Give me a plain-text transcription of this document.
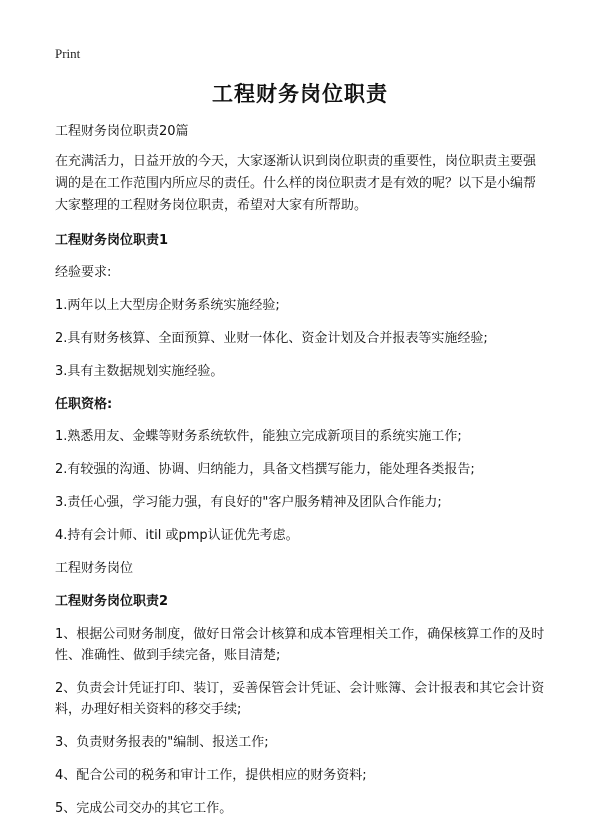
Print
工程财务岗位职责

工程财务岗位职责20篇

在充满活力，日益开放的今天，大家逐渐认识到岗位职责的重要性，岗位职责主要强调的是在工作范围内所应尽的责任。什么样的岗位职责才是有效的呢？以下是小编帮大家整理的工程财务岗位职责，希望对大家有所帮助。

工程财务岗位职责1

经验要求:

1.两年以上大型房企财务系统实施经验;

2.具有财务核算、全面预算、业财一体化、资金计划及合并报表等实施经验;

3.具有主数据规划实施经验。

任职资格:

1.熟悉用友、金蝶等财务系统软件，能独立完成新项目的系统实施工作;

2.有较强的沟通、协调、归纳能力，具备文档撰写能力，能处理各类报告;

3.责任心强，学习能力强，有良好的"客户服务精神及团队合作能力;

4.持有会计师、itil 或pmp认证优先考虑。

工程财务岗位

工程财务岗位职责2

1、根据公司财务制度，做好日常会计核算和成本管理相关工作，确保核算工作的及时性、准确性、做到手续完备，账目清楚;

2、负责会计凭证打印、装订，妥善保管会计凭证、会计账簿、会计报表和其它会计资料，办理好相关资料的移交手续;

3、负责财务报表的"编制、报送工作;

4、配合公司的税务和审计工作，提供相应的财务资料;

5、完成公司交办的其它工作。
